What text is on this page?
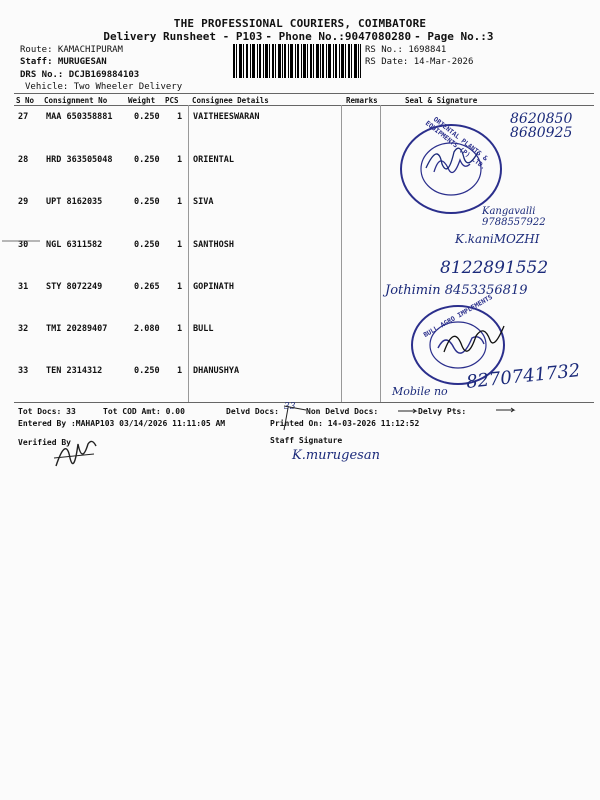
THE PROFESSIONAL COURIERS, COIMBATORE
Delivery Runsheet - P103 - Phone No.:9047080280 - Page No.:3
Route: KAMACHIPURAM
Staff: MURUGESAN
DRS No.: DCJB169884103
Vehicle: Two Wheeler Delivery
RS No.: 1698841
RS Date: 14-Mar-2026
S No Consignment No	Weight PCS Consignee Details	Remarks	Seal & Signature
27 MAA 650358881	0.250 1 VAITHEESWARAN
28 HRD 363505048	0.250 1 ORIENTAL
29 UPT 8162035	0.250 1 SIVA
30 NGL 6311582	0.250 1 SANTHOSH
31 STY 8072249	0.265 1 GOPINATH
32 TMI 20289407	2.080 1 BULL
33 TEN 2314312	0.250 1 DHANUSHYA
Tot Docs: 33	Tot COD Amt: 0.00	Delvd Docs:	Non Delvd Docs:	Delvy Pts:
Entered By :MAHAP103 03/14/2026 11:11:05 AM	Printed On: 14-03-2026 11:12:52
Verified By	Staff Signature
ORIENTAL PLANTS & EQUIPMENTS (P) LTD.
BULL AGRO IMPLEMENTS
8620850
8680925
Kangavalli
9788557922
K.kaniMOZHI
8122891552
Jothimin 8453356819
8270741732
Mobile no
K.murugesan
33
